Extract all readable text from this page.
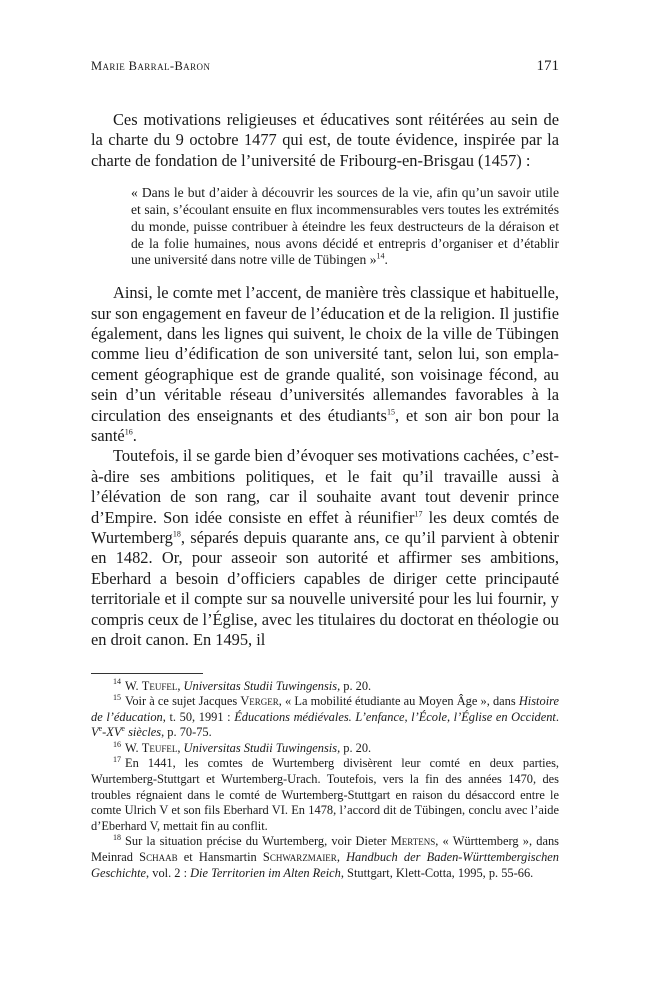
Marie Barral-Baron	171

Ces motivations religieuses et éducatives sont réitérées au sein de la charte du 9 octobre 1477 qui est, de toute évidence, inspirée par la charte de fondation de l’université de Fribourg-en-Brisgau (1457) :

« Dans le but d’aider à découvrir les sources de la vie, afin qu’un savoir utile et sain, s’écoulant ensuite en flux incommensurables vers toutes les extrémités du monde, puisse contribuer à éteindre les feux destructeurs de la déraison et de la folie humaines, nous avons décidé et entrepris d’organiser et d’établir une université dans notre ville de Tübingen »$^{14}$.

Ainsi, le comte met l’accent, de manière très classique et habituelle, sur son engagement en faveur de l’éducation et de la religion. Il justifie également, dans les lignes qui suivent, le choix de la ville de Tübingen comme lieu d’édification de son université tant, selon lui, son emplacement géographique est de grande qualité, son voisinage fécond, au sein d’un véritable réseau d’universités allemandes favorables à la circulation des enseignants et des étudiants$^{15}$, et son air bon pour la santé$^{16}$.

Toutefois, il se garde bien d’évoquer ses motivations cachées, c’est-à-dire ses ambitions politiques, et le fait qu’il travaille aussi à l’élévation de son rang, car il souhaite avant tout devenir prince d’Empire. Son idée consiste en effet à réunifier$^{17}$ les deux comtés de Wurtemberg$^{18}$, séparés depuis quarante ans, ce qu’il parvient à obtenir en 1482. Or, pour asseoir son autorité et affirmer ses ambitions, Eberhard a besoin d’officiers capables de diriger cette principauté territoriale et il compte sur sa nouvelle université pour les lui fournir, y compris ceux de l’Église, avec les titulaires du doctorat en théologie ou en droit canon. En 1495, il

$^{14}$ W. Teufel, Universitas Studii Tuwingensis, p. 20.

$^{15}$ Voir à ce sujet Jacques Verger, « La mobilité étudiante au Moyen Âge », dans Histoire de l’éducation, t. 50, 1991 : Éducations médiévales. L’enfance, l’École, l’Église en Occident. Ve-XVe siècles, p. 70-75.

$^{16}$ W. Teufel, Universitas Studii Tuwingensis, p. 20.

$^{17}$ En 1441, les comtes de Wurtemberg divisèrent leur comté en deux parties, Wurtemberg-Stuttgart et Wurtemberg-Urach. Toutefois, vers la fin des années 1470, des troubles régnaient dans le comté de Wurtemberg-Stuttgart en raison du désaccord entre le comte Ulrich V et son fils Eberhard VI. En 1478, l’accord dit de Tübingen, conclu avec l’aide d’Eberhard V, mettait fin au conflit.

$^{18}$ Sur la situation précise du Wurtemberg, voir Dieter Mertens, « Württemberg », dans Meinrad Schaab et Hansmartin Schwarzmaier, Handbuch der Baden-Württembergischen Geschichte, vol. 2 : Die Territorien im Alten Reich, Stuttgart, Klett-Cotta, 1995, p. 55-66.
